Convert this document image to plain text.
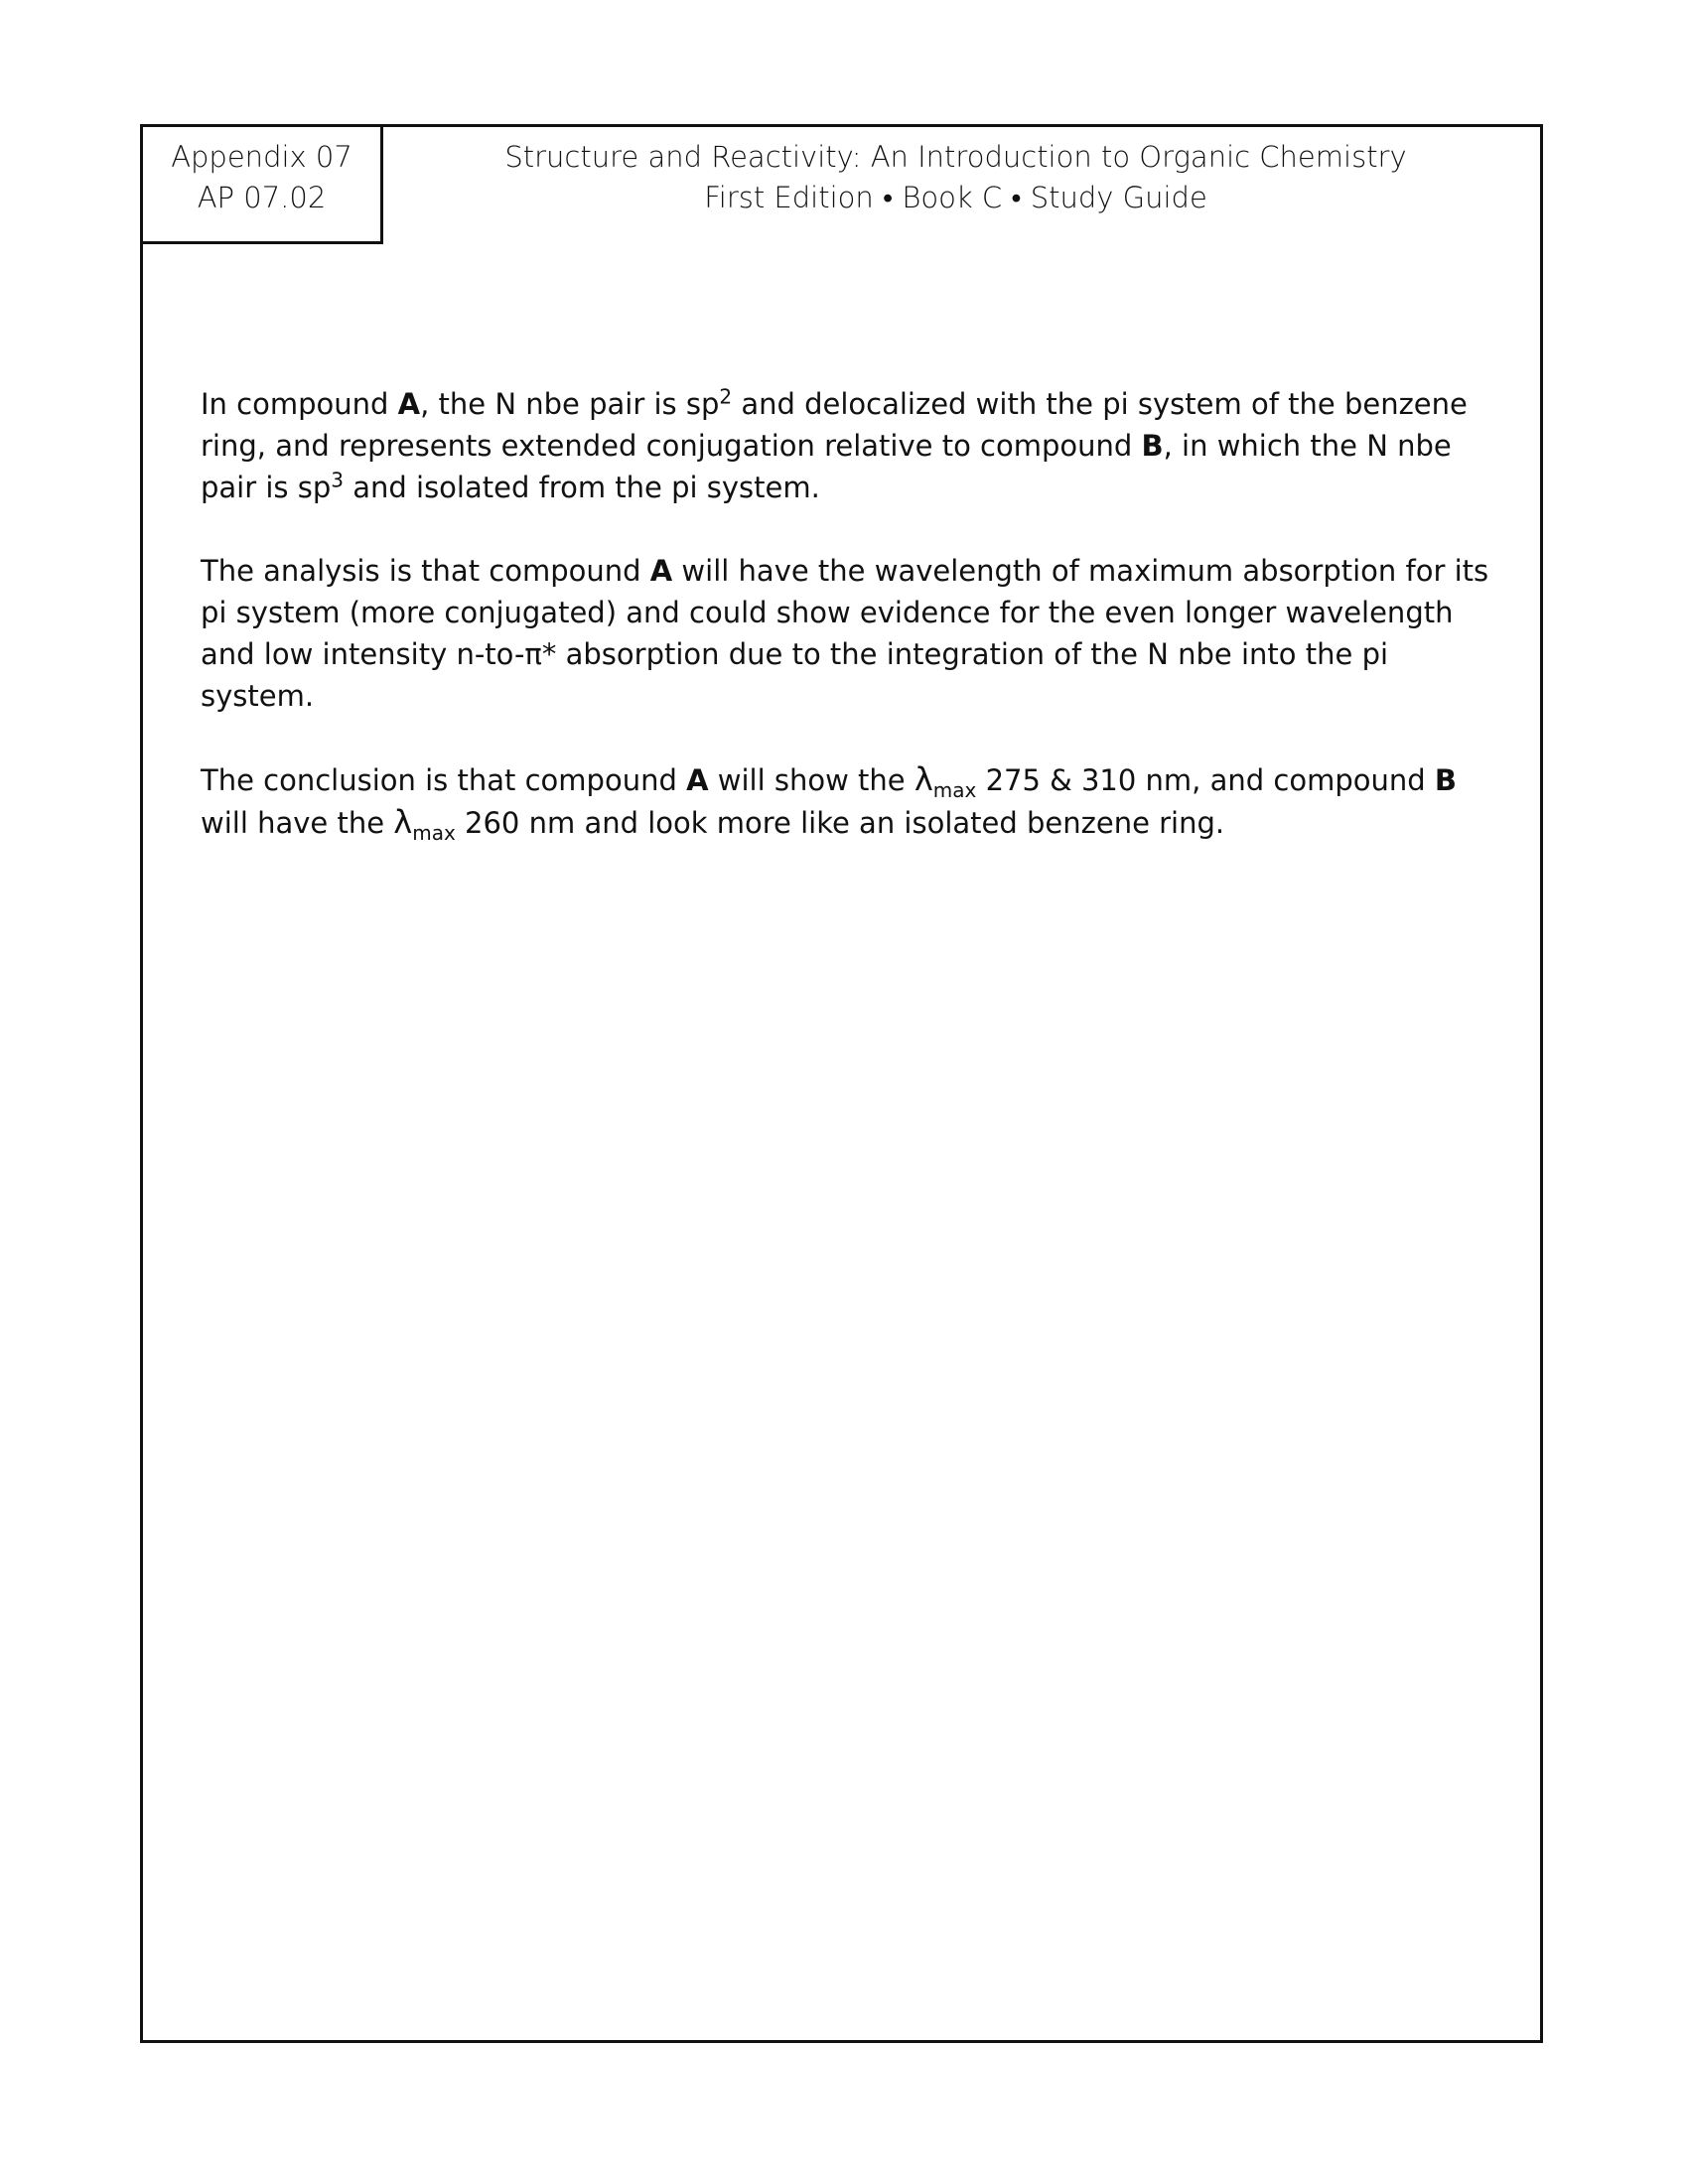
Appendix 07
AP 07.02
Structure and Reactivity: An Introduction to Organic Chemistry
First Edition • Book C • Study Guide

In compound A, the N nbe pair is $sp^2$ and delocalized with the pi system of the benzene ring, and represents extended conjugation relative to compound B, in which the N nbe pair is $sp^3$ and isolated from the pi system.

The analysis is that compound A will have the wavelength of maximum absorption for its pi system (more conjugated) and could show evidence for the even longer wavelength and low intensity n-to-π* absorption due to the integration of the N nbe into the pi system.

The conclusion is that compound A will show the $\lambda_{max}$ 275 & 310 nm, and compound B will have the $\lambda_{max}$ 260 nm and look more like an isolated benzene ring.
